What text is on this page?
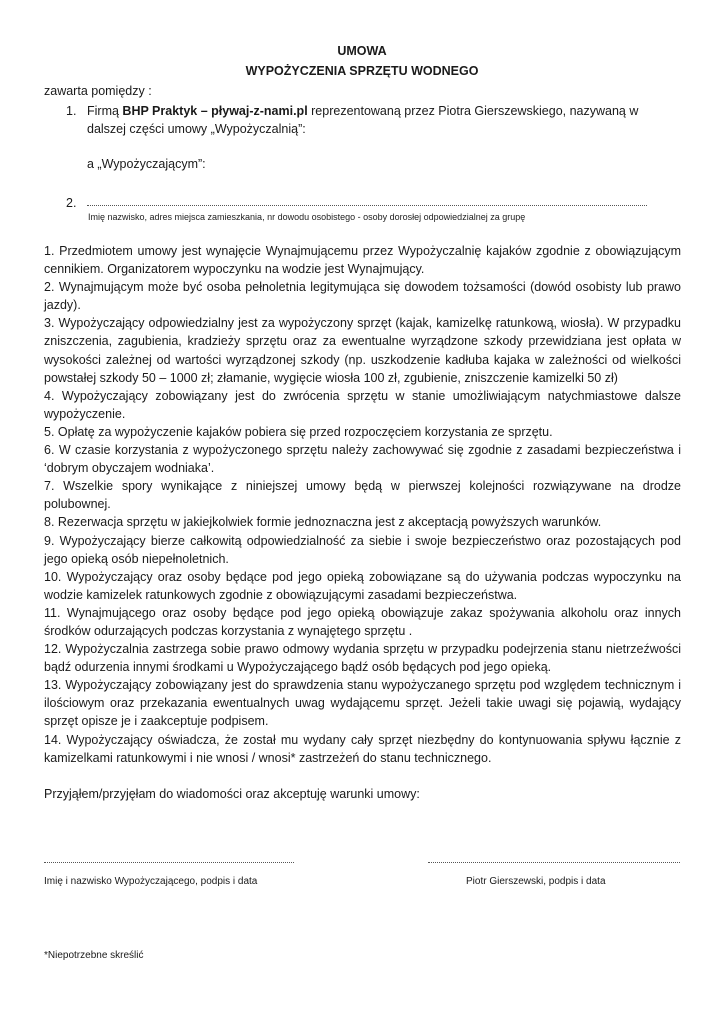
UMOWA
WYPOŻYCZENIA SPRZĘTU WODNEGO
zawarta pomiędzy :
1. Firmą BHP Praktyk – pływaj-z-nami.pl reprezentowaną przez Piotra Gierszewskiego, nazywaną w dalszej części umowy „Wypożyczalnią”:
a „Wypożyczającym”:
2.
Imię nazwisko, adres miejsca zamieszkania, nr dowodu osobistego - osoby dorosłej odpowiedzialnej za grupę

1. Przedmiotem umowy jest wynajęcie Wynajmującemu przez Wypożyczalnię kajaków zgodnie z obowiązującym cennikiem. Organizatorem wypoczynku na wodzie jest Wynajmujący.

2. Wynajmującym może być osoba pełnoletnia legitymująca się dowodem tożsamości (dowód osobisty lub prawo jazdy).

3. Wypożyczający odpowiedzialny jest za wypożyczony sprzęt (kajak, kamizelkę ratunkową, wiosła). W przypadku zniszczenia, zagubienia, kradzieży sprzętu oraz za ewentualne wyrządzone szkody przewidziana jest opłata w wysokości zależnej od wartości wyrządzonej szkody (np. uszkodzenie kadłuba kajaka w zależności od wielkości powstałej szkody 50 – 1000 zł; złamanie, wygięcie wiosła 100 zł, zgubienie, zniszczenie kamizelki 50 zł)

4. Wypożyczający zobowiązany jest do zwrócenia sprzętu w stanie umożliwiającym natychmiastowe dalsze wypożyczenie.

5. Opłatę za wypożyczenie kajaków pobiera się przed rozpoczęciem korzystania ze sprzętu.

6. W czasie korzystania z wypożyczonego sprzętu należy zachowywać się zgodnie z zasadami bezpieczeństwa i ‘dobrym obyczajem wodniaka’.

7. Wszelkie spory wynikające z niniejszej umowy będą w pierwszej kolejności rozwiązywane na drodze polubownej.

8. Rezerwacja sprzętu w jakiejkolwiek formie jednoznaczna jest z akceptacją powyższych warunków.

9. Wypożyczający bierze całkowitą odpowiedzialność za siebie i swoje bezpieczeństwo oraz pozostających pod jego opieką osób niepełnoletnich.

10. Wypożyczający oraz osoby będące pod jego opieką zobowiązane są do używania podczas wypoczynku na wodzie kamizelek ratunkowych zgodnie z obowiązującymi zasadami bezpieczeństwa.

11. Wynajmującego oraz osoby będące pod jego opieką obowiązuje zakaz spożywania alkoholu oraz innych środków odurzających podczas korzystania z wynajętego sprzętu .

12. Wypożyczalnia zastrzega sobie prawo odmowy wydania sprzętu w przypadku podejrzenia stanu nietrzeźwości bądź odurzenia innymi środkami u Wypożyczającego bądź osób będących pod jego opieką.

13. Wypożyczający zobowiązany jest do sprawdzenia stanu wypożyczanego sprzętu pod względem technicznym i ilościowym oraz przekazania ewentualnych uwag wydającemu sprzęt. Jeżeli takie uwagi się pojawią, wydający sprzęt opisze je i zaakceptuje podpisem.

14. Wypożyczający oświadcza, że został mu wydany cały sprzęt niezbędny do kontynuowania spływu łącznie z kamizelkami ratunkowymi i nie wnosi / wnosi* zastrzeżeń do stanu technicznego.

Przyjąłem/przyjęłam do wiadomości oraz akceptuję warunki umowy:
Imię i nazwisko Wypożyczającego, podpis i data	Piotr Gierszewski, podpis i data
*Niepotrzebne skreślić
